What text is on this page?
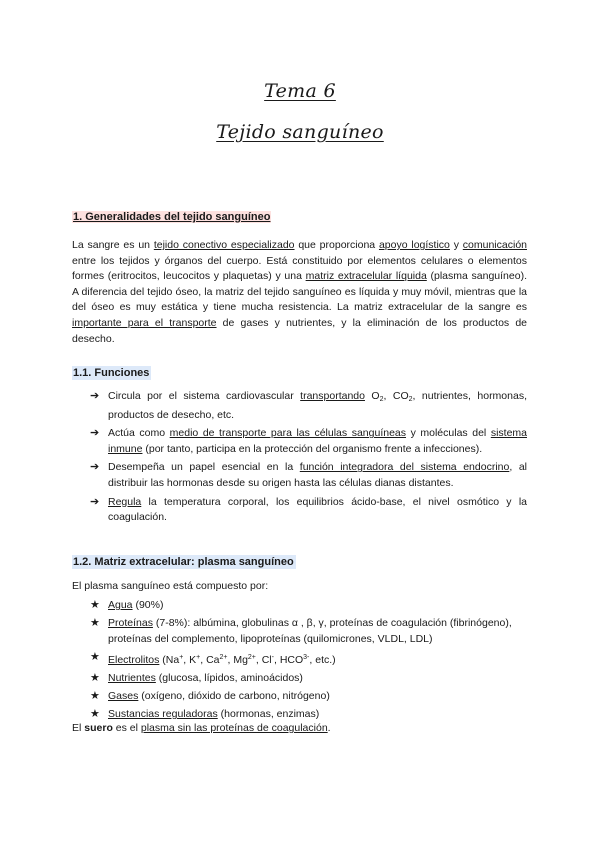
Tema 6
Tejido sanguíneo
1. Generalidades del tejido sanguíneo

La sangre es un tejido conectivo especializado que proporciona apoyo logístico y comunicación entre los tejidos y órganos del cuerpo. Está constituido por elementos celulares o elementos formes (eritrocitos, leucocitos y plaquetas) y una matriz extracelular líquida (plasma sanguíneo). A diferencia del tejido óseo, la matriz del tejido sanguíneo es líquida y muy móvil, mientras que la del óseo es muy estática y tiene mucha resistencia. La matriz extracelular de la sangre es importante para el transporte de gases y nutrientes, y la eliminación de los productos de desecho.

1.1. Funciones
➔ Circula por el sistema cardiovascular transportando $O_2$, $CO_2$, nutrientes, hormonas, productos de desecho, etc.
➔ Actúa como medio de transporte para las células sanguíneas y moléculas del sistema inmune (por tanto, participa en la protección del organismo frente a infecciones).
➔ Desempeña un papel esencial en la función integradora del sistema endocrino, al distribuir las hormonas desde su origen hasta las células dianas distantes.
➔ Regula la temperatura corporal, los equilibrios ácido-base, el nivel osmótico y la coagulación.
1.2. Matriz extracelular: plasma sanguíneo
El plasma sanguíneo está compuesto por:
★ Agua (90%)
★ Proteínas (7-8%): albúmina, globulinas α , β, γ, proteínas de coagulación (fibrinógeno), proteínas del complemento, lipoproteínas (quilomicrones, VLDL, LDL)
★ Electrolitos (Na+, K+, $Ca^{2+}$, $Mg^{2+}$, Cl-, $HCO^{3-}$, etc.)
★ Nutrientes (glucosa, lípidos, aminoácidos)
★ Gases (oxígeno, dióxido de carbono, nitrógeno)
★ Sustancias reguladoras (hormonas, enzimas)
El suero es el plasma sin las proteínas de coagulación.
